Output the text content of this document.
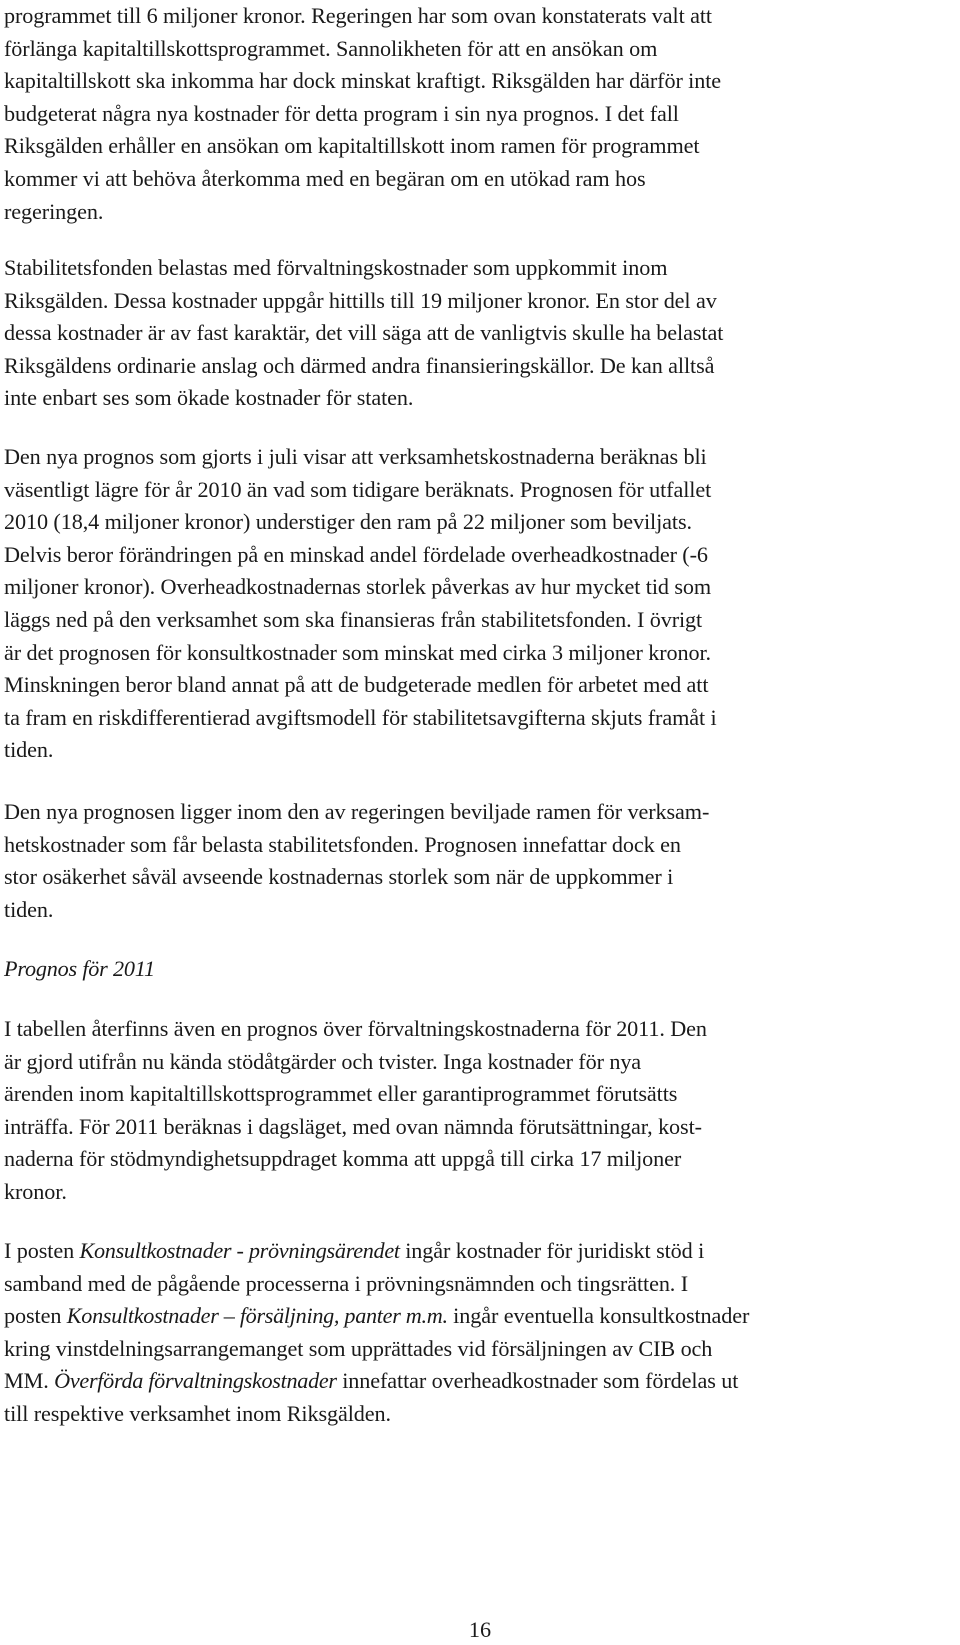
programmet till 6 miljoner kronor. Regeringen har som ovan konstaterats valt att
förlänga kapitaltillskottsprogrammet. Sannolikheten för att en ansökan om
kapitaltillskott ska inkomma har dock minskat kraftigt. Riksgälden har därför inte
budgeterat några nya kostnader för detta program i sin nya prognos. I det fall
Riksgälden erhåller en ansökan om kapitaltillskott inom ramen för programmet
kommer vi att behöva återkomma med en begäran om en utökad ram hos
regeringen.

Stabilitetsfonden belastas med förvaltningskostnader som uppkommit inom
Riksgälden. Dessa kostnader uppgår hittills till 19 miljoner kronor. En stor del av
dessa kostnader är av fast karaktär, det vill säga att de vanligtvis skulle ha belastat
Riksgäldens ordinarie anslag och därmed andra finansieringskällor. De kan alltså
inte enbart ses som ökade kostnader för staten.

Den nya prognos som gjorts i juli visar att verksamhetskostnaderna beräknas bli
väsentligt lägre för år 2010 än vad som tidigare beräknats. Prognosen för utfallet
2010 (18,4 miljoner kronor) understiger den ram på 22 miljoner som beviljats.
Delvis beror förändringen på en minskad andel fördelade overheadkostnader (-6
miljoner kronor). Overheadkostnadernas storlek påverkas av hur mycket tid som
läggs ned på den verksamhet som ska finansieras från stabilitetsfonden. I övrigt
är det prognosen för konsultkostnader som minskat med cirka 3 miljoner kronor.
Minskningen beror bland annat på att de budgeterade medlen för arbetet med att
ta fram en riskdifferentierad avgiftsmodell för stabilitetsavgifterna skjuts framåt i
tiden.

Den nya prognosen ligger inom den av regeringen beviljade ramen för verksam-
hetskostnader som får belasta stabilitetsfonden. Prognosen innefattar dock en
stor osäkerhet såväl avseende kostnadernas storlek som när de uppkommer i
tiden.

Prognos för 2011

I tabellen återfinns även en prognos över förvaltningskostnaderna för 2011. Den
är gjord utifrån nu kända stödåtgärder och tvister. Inga kostnader för nya
ärenden inom kapitaltillskottsprogrammet eller garantiprogrammet förutsätts
inträffa. För 2011 beräknas i dagsläget, med ovan nämnda förutsättningar, kost-
naderna för stödmyndighetsuppdraget komma att uppgå till cirka 17 miljoner
kronor.

I posten Konsultkostnader - prövningsärendet ingår kostnader för juridiskt stöd i
samband med de pågående processerna i prövningsnämnden och tingsrätten. I
posten Konsultkostnader – försäljning, panter m.m. ingår eventuella konsultkostnader
kring vinstdelningsarrangemanget som upprättades vid försäljningen av CIB och
MM. Överförda förvaltningskostnader innefattar overheadkostnader som fördelas ut
till respektive verksamhet inom Riksgälden.

16
